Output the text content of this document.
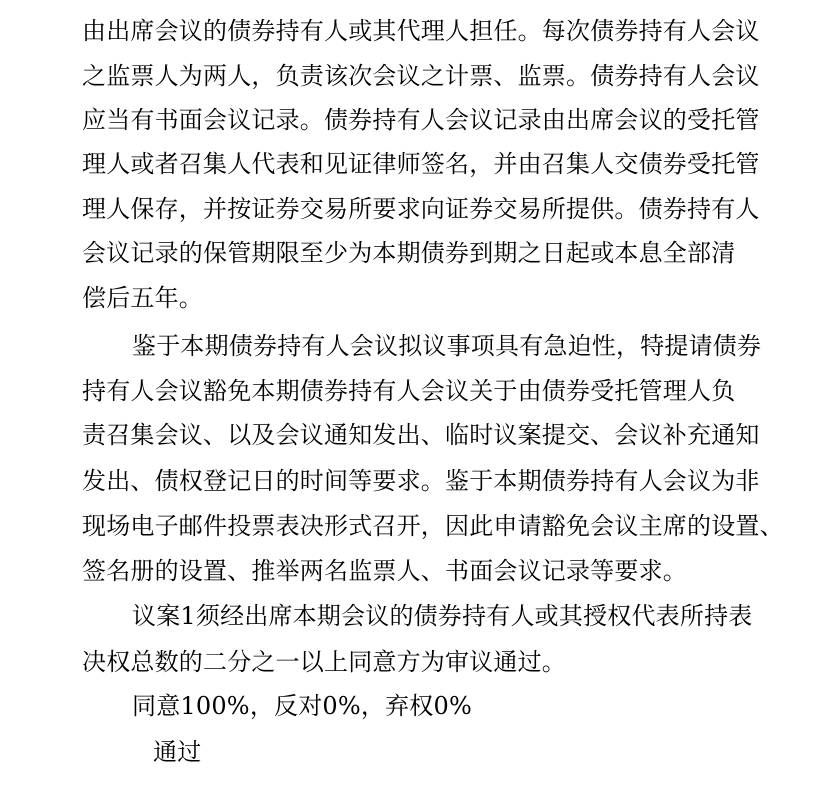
由出席会议的债券持有人或其代理人担任。每次债券持有人会议
之监票人为两人，负责该次会议之计票、监票。债券持有人会议
应当有书面会议记录。债券持有人会议记录由出席会议的受托管
理人或者召集人代表和见证律师签名，并由召集人交债券受托管
理人保存，并按证券交易所要求向证券交易所提供。债券持有人
会议记录的保管期限至少为本期债券到期之日起或本息全部清
偿后五年。
鉴于本期债券持有人会议拟议事项具有急迫性，特提请债券
持有人会议豁免本期债券持有人会议关于由债券受托管理人负
责召集会议、以及会议通知发出、临时议案提交、会议补充通知
发出、债权登记日的时间等要求。鉴于本期债券持有人会议为非
现场电子邮件投票表决形式召开，因此申请豁免会议主席的设置、
签名册的设置、推举两名监票人、书面会议记录等要求。
议案1须经出席本期会议的债券持有人或其授权代表所持表
决权总数的二分之一以上同意方为审议通过。
同意100%，反对0%，弃权0%
通过
